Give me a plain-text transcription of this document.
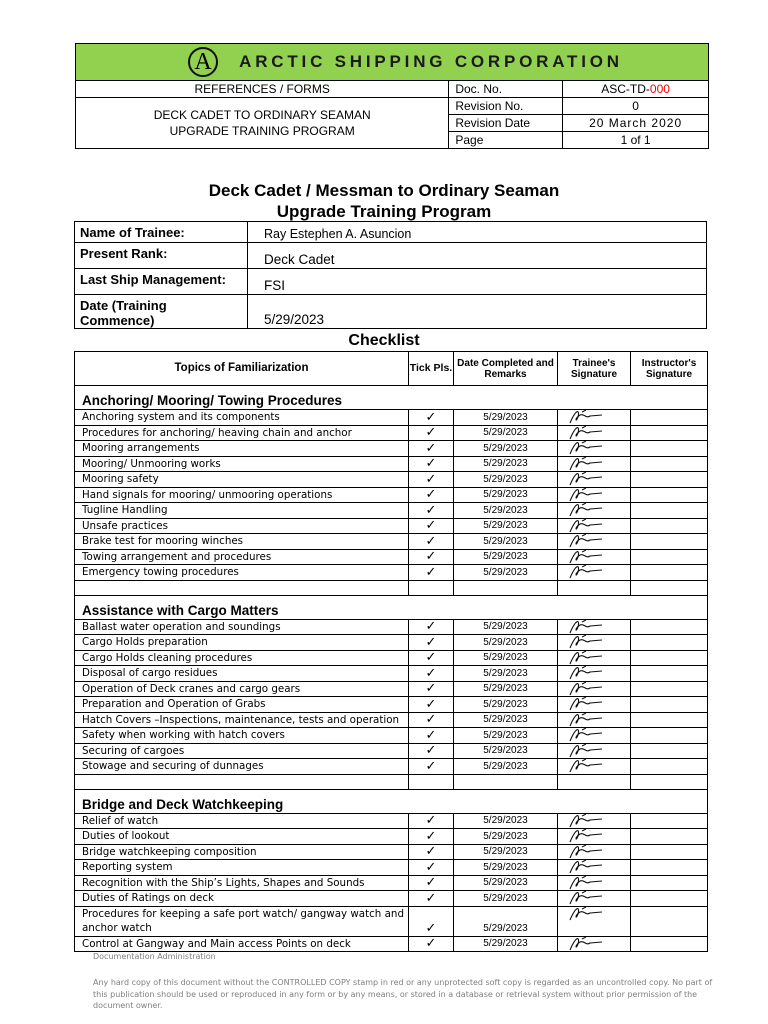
A ARCTIC SHIPPING CORPORATION		
REFERENCES / FORMS	Doc. No.	ASC-TD-000

DECK CADET TO ORDINARY SEAMAN
UPGRADE TRAINING PROGRAM	Revision No.	0
	Revision Date	20 March 2020
	Page	1 of 1
Deck Cadet / Messman to Ordinary Seaman
Upgrade Training Program
Name of Trainee:	Ray Estephen A. Asuncion
Present Rank:	Deck Cadet
Last Ship Management:	FSI
Date (Training Commence)	5/29/2023
Checklist
Topics of Familiarization	Tick Pls.	Date Completed and Remarks	Trainee's Signature	Instructor's Signature
Anchoring/ Mooring/ Towing Procedures				
Anchoring system and its components	✓	5/29/2023	

Procedures for anchoring/ heaving chain and anchor	✓	5/29/2023	

Mooring arrangements	✓	5/29/2023	

Mooring/ Unmooring works	✓	5/29/2023	

Mooring safety	✓	5/29/2023	

Hand signals for mooring/ unmooring operations	✓	5/29/2023	

Tugline Handling	✓	5/29/2023	

Unsafe practices	✓	5/29/2023	

Brake test for mooring winches	✓	5/29/2023	

Towing arrangement and procedures	✓	5/29/2023	

Emergency towing procedures	✓	5/29/2023	

Assistance with Cargo Matters				
Ballast water operation and soundings	✓	5/29/2023	

Cargo Holds preparation	✓	5/29/2023	

Cargo Holds cleaning procedures	✓	5/29/2023	

Disposal of cargo residues	✓	5/29/2023	

Operation of Deck cranes and cargo gears	✓	5/29/2023	

Preparation and Operation of Grabs	✓	5/29/2023	

Hatch Covers –Inspections, maintenance, tests and operation	✓	5/29/2023	

Safety when working with hatch covers	✓	5/29/2023	

Securing of cargoes	✓	5/29/2023	

Stowage and securing of dunnages	✓	5/29/2023	

Bridge and Deck Watchkeeping				
Relief of watch	✓	5/29/2023	

Duties of lookout	✓	5/29/2023	

Bridge watchkeeping composition	✓	5/29/2023	

Reporting system	✓	5/29/2023	

Recognition with the Ship’s Lights, Shapes and Sounds	✓	5/29/2023	

Duties of Ratings on deck	✓	5/29/2023	

Procedures for keeping a safe port watch/ gangway watch and anchor watch	✓	5/29/2023	

Control at Gangway and Main access Points on deck	✓	5/29/2023	

Documentation Administration
Any hard copy of this document without the CONTROLLED COPY stamp in red or any unprotected soft copy is regarded as an uncontrolled copy. No part of this publication should be used or reproduced in any form or by any means, or stored in a database or retrieval system without prior permission of the document owner.
